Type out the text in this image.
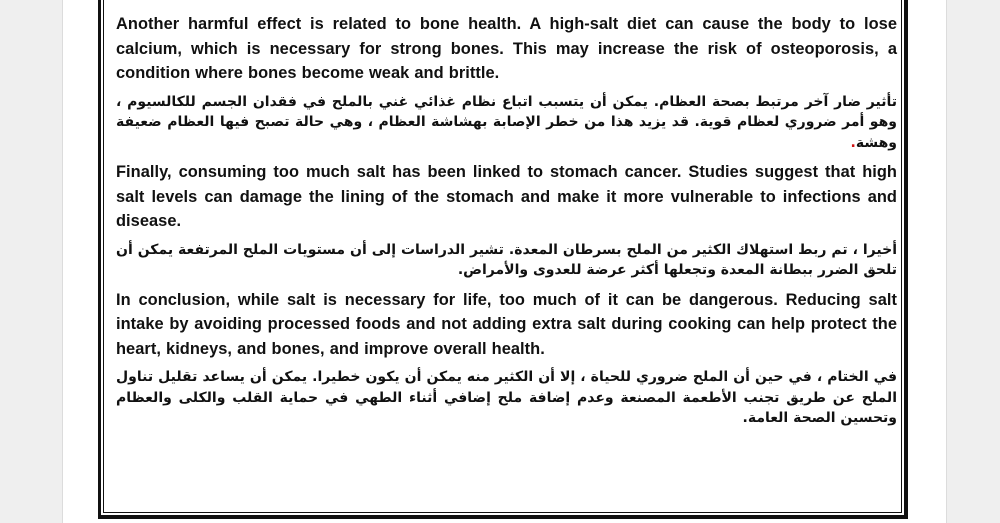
Another harmful effect is related to bone health. A high-salt diet can cause the body to lose calcium, which is necessary for strong bones. This may increase the risk of osteoporosis, a condition where bones become weak and brittle.

تأثير ضار آخر مرتبط بصحة العظام. يمكن أن يتسبب اتباع نظام غذائي غني بالملح في فقدان الجسم للكالسيوم ، وهو أمر ضروري لعظام قوية. قد يزيد هذا من خطر الإصابة بهشاشة العظام ، وهي حالة تصبح فيها العظام ضعيفة وهشة.

Finally, consuming too much salt has been linked to stomach cancer. Studies suggest that high salt levels can damage the lining of the stomach and make it more vulnerable to infections and disease.

أخيرا ، تم ربط استهلاك الكثير من الملح بسرطان المعدة. تشير الدراسات إلى أن مستويات الملح المرتفعة يمكن أن تلحق الضرر ببطانة المعدة وتجعلها أكثر عرضة للعدوى والأمراض.

In conclusion, while salt is necessary for life, too much of it can be dangerous. Reducing salt intake by avoiding processed foods and not adding extra salt during cooking can help protect the heart, kidneys, and bones, and improve overall health.

في الختام ، في حين أن الملح ضروري للحياة ، إلا أن الكثير منه يمكن أن يكون خطيرا. يمكن أن يساعد تقليل تناول الملح عن طريق تجنب الأطعمة المصنعة وعدم إضافة ملح إضافي أثناء الطهي في حماية القلب والكلى والعظام وتحسين الصحة العامة.
